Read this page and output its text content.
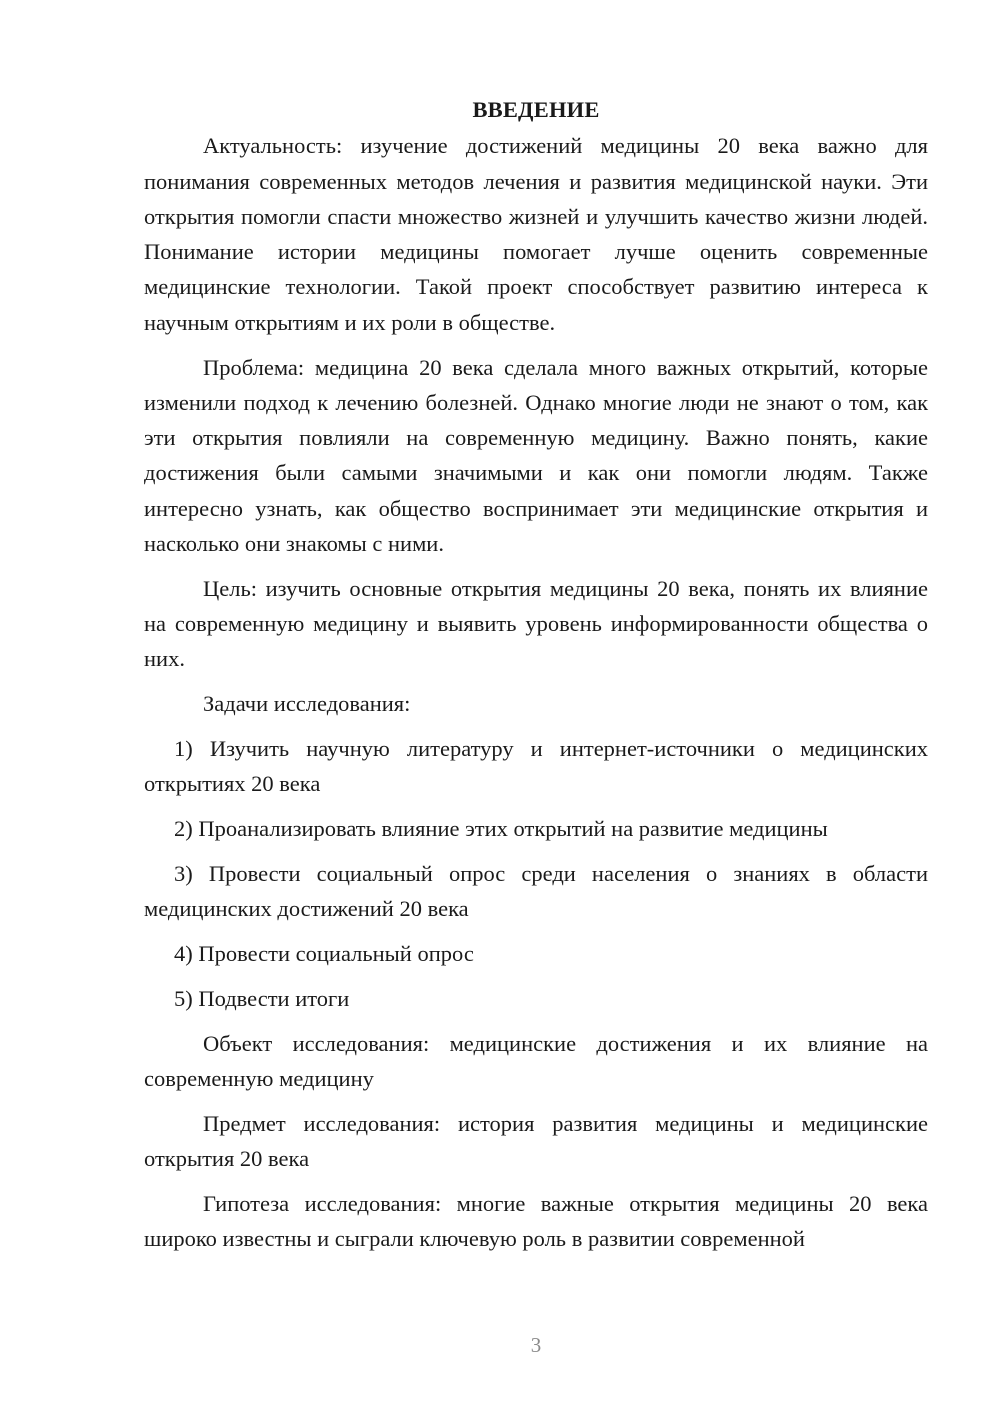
ВВЕДЕНИЕ

Актуальность: изучение достижений медицины 20 века важно для понимания современных методов лечения и развития медицинской науки. Эти открытия помогли спасти множество жизней и улучшить качество жизни людей. Понимание истории медицины помогает лучше оценить современные медицинские технологии. Такой проект способствует развитию интереса к научным открытиям и их роли в обществе.

Проблема: медицина 20 века сделала много важных открытий, которые изменили подход к лечению болезней. Однако многие люди не знают о том, как эти открытия повлияли на современную медицину. Важно понять, какие достижения были самыми значимыми и как они помогли людям. Также интересно узнать, как общество воспринимает эти медицинские открытия и насколько они знакомы с ними.

Цель: изучить основные открытия медицины 20 века, понять их влияние на современную медицину и выявить уровень информированности общества о них.

Задачи исследования:

1) Изучить научную литературу и интернет-источники о медицинских открытиях 20 века

2) Проанализировать влияние этих открытий на развитие медицины

3) Провести социальный опрос среди населения о знаниях в области медицинских достижений 20 века

4) Провести социальный опрос

5) Подвести итоги

Объект исследования: медицинские достижения и их влияние на современную медицину

Предмет исследования: история развития медицины и медицинские открытия 20 века

Гипотеза исследования: многие важные открытия медицины 20 века широко известны и сыграли ключевую роль в развитии современной

3
